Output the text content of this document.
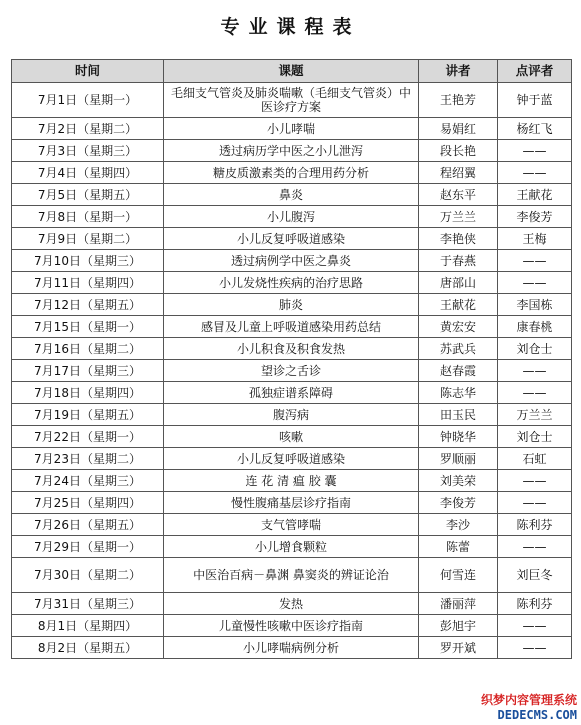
专业课程表
时间	课题	讲者	点评者
7月1日（星期一）	毛细支气管炎及肺炎喘嗽（毛细支气管炎）中医诊疗方案	王艳芳	钟于蓝
7月2日（星期二）	小儿哮喘	易娟红	杨红飞
7月3日（星期三）	透过病历学中医之小儿泄泻	段长艳	——
7月4日（星期四）	糖皮质激素类的合理用药分析	程绍翼	——
7月5日（星期五）	鼻炎	赵东平	王献花
7月8日（星期一）	小儿腹泻	万兰兰	李俊芳
7月9日（星期二）	小儿反复呼吸道感染	李艳侠	王梅
7月10日（星期三）	透过病例学中医之鼻炎	于春燕	——
7月11日（星期四）	小儿发烧性疾病的治疗思路	唐部山	——
7月12日（星期五）	肺炎	王献花	李国栋
7月15日（星期一）	感冒及儿童上呼吸道感染用药总结	黄宏安	康春桃
7月16日（星期二）	小儿积食及积食发热	苏武兵	刘仓士
7月17日（星期三）	望诊之舌诊	赵春霞	——
7月18日（星期四）	孤独症谱系障碍	陈志华	——
7月19日（星期五）	腹泻病	田玉民	万兰兰
7月22日（星期一）	咳嗽	钟晓华	刘仓士
7月23日（星期二）	小儿反复呼吸道感染	罗顺丽	石虹
7月24日（星期三）	连 花 清 瘟 胶 囊	刘美荣	——
7月25日（星期四）	慢性腹痛基层诊疗指南	李俊芳	——
7月26日（星期五）	支气管哮喘	李沙	陈利芬
7月29日（星期一）	小儿增食颗粒	陈蕾	——
7月30日（星期二）	中医治百病－鼻渊 鼻窦炎的辨证论治	何雪连	刘巨冬
7月31日（星期三）	发热	潘丽萍	陈利芬
8月1日（星期四）	儿童慢性咳嗽中医诊疗指南	彭旭宇	——
8月2日（星期五）	小儿哮喘病例分析	罗开斌	——
织梦内容管理系统
DEDECMS.COM
